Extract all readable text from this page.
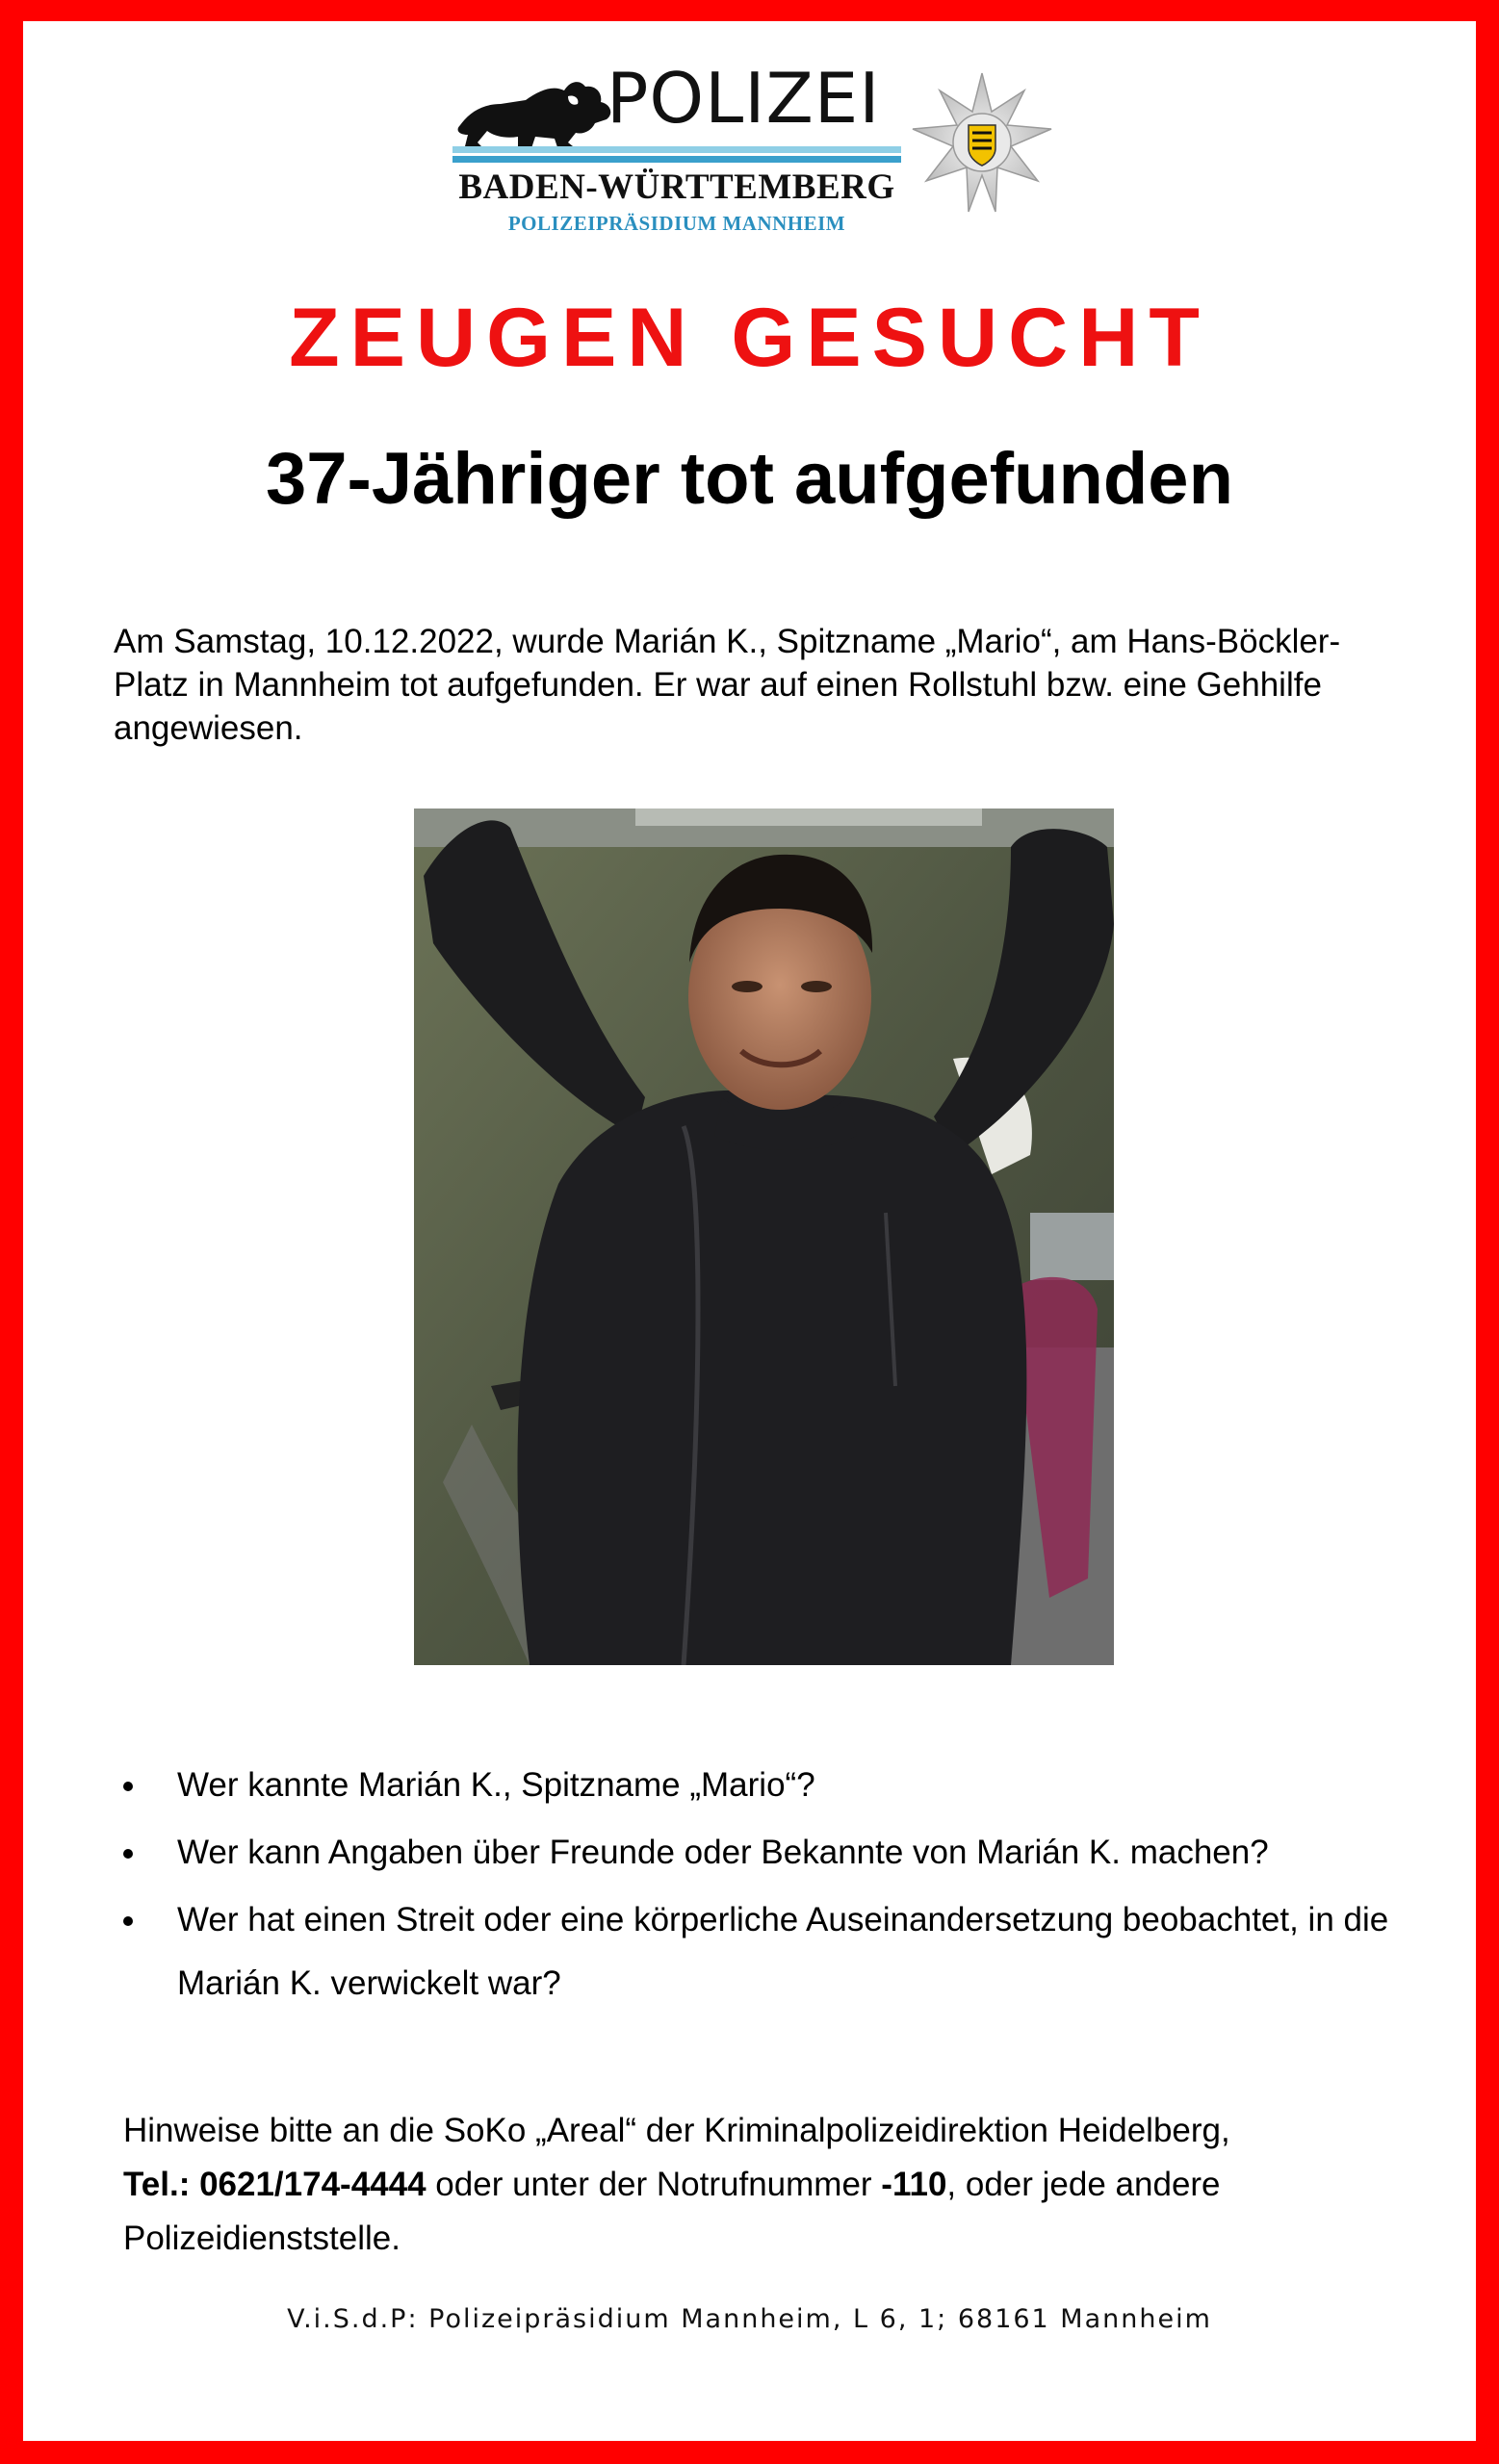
POLIZEI
BADEN-WÜRTTEMBERG
POLIZEIPRÄSIDIUM MANNHEIM
ZEUGEN GESUCHT
37-Jähriger tot aufgefunden
Am Samstag, 10.12.2022, wurde Marián K., Spitzname „Mario“, am Hans-Böckler-Platz in Mannheim tot aufgefunden. Er war auf einen Rollstuhl bzw. eine Gehhilfe angewiesen.
Wer kannte Marián K., Spitzname „Mario“?
Wer kann Angaben über Freunde oder Bekannte von Marián K. machen?
Wer hat einen Streit oder eine körperliche Auseinandersetzung beobachtet, in die Marián K. verwickelt war?
Hinweise bitte an die SoKo „Areal“ der Kriminalpolizeidirektion Heidelberg,
Tel.: 0621/174-4444 oder unter der Notrufnummer -110, oder jede andere Polizeidienststelle.
V.i.S.d.P: Polizeipräsidium Mannheim, L 6, 1; 68161 Mannheim
